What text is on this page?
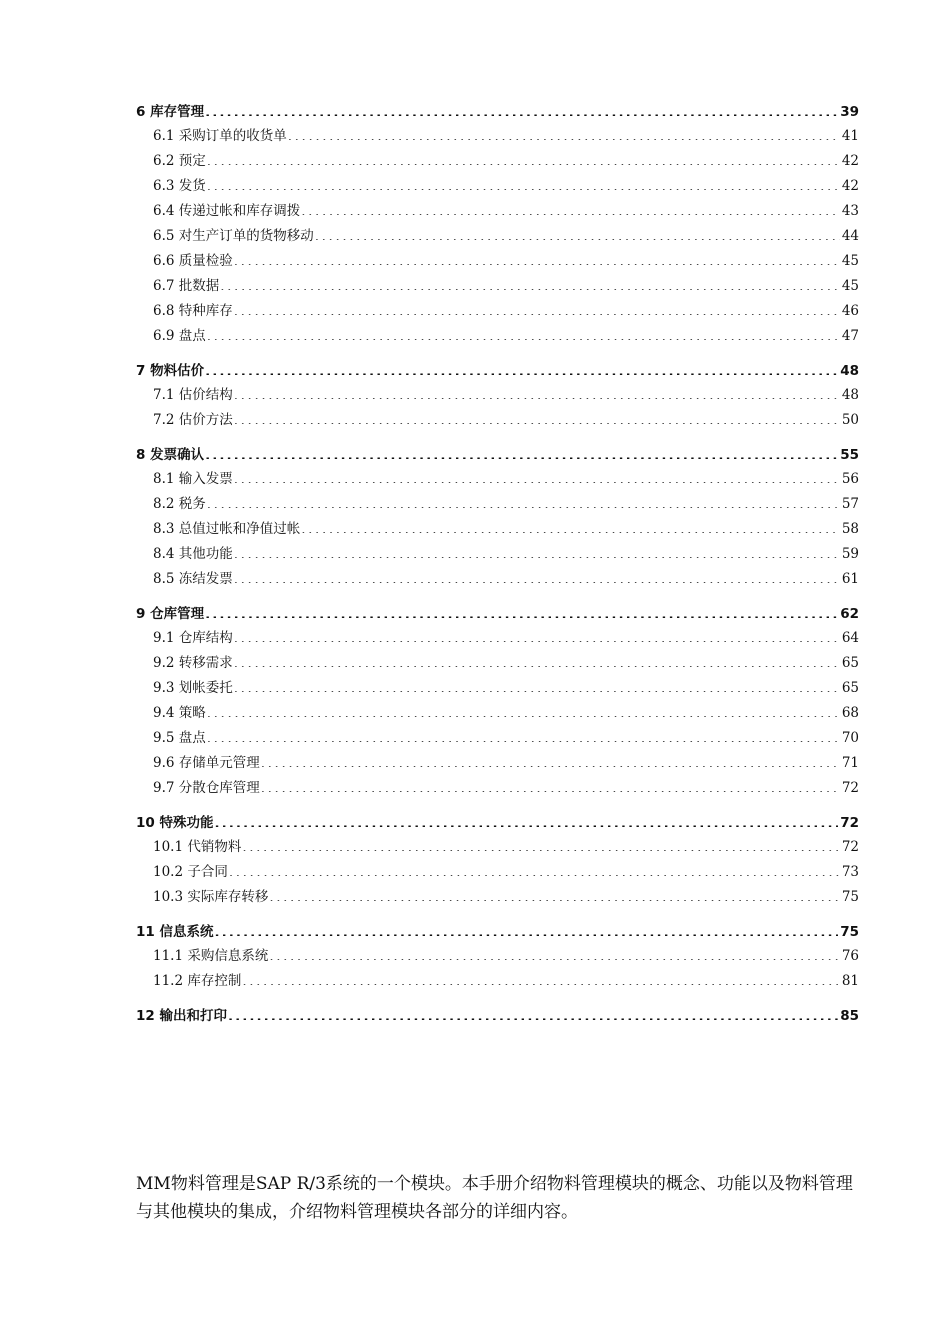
6 库存管理 .....	39
6.1 采购订单的收货单 .....	41
6.2 预定 .....	42
6.3 发货 .....	42
6.4 传递过帐和库存调拨 .....	43
6.5 对生产订单的货物移动 .....	44
6.6 质量检验 .....	45
6.7 批数据 .....	45
6.8 特种库存 .....	46
6.9 盘点 .....	47
7 物料估价 .....	48
7.1 估价结构 .....	48
7.2 估价方法 .....	50
8 发票确认 .....	55
8.1 输入发票 .....	56
8.2 税务 .....	57
8.3 总值过帐和净值过帐 .....	58
8.4 其他功能 .....	59
8.5 冻结发票 .....	61
9 仓库管理 .....	62
9.1 仓库结构 .....	64
9.2 转移需求 .....	65
9.3 划帐委托 .....	65
9.4 策略 .....	68
9.5 盘点 .....	70
9.6 存储单元管理 .....	71
9.7 分散仓库管理 .....	72
10 特殊功能 .....	72
10.1 代销物料 .....	72
10.2 子合同 .....	73
10.3 实际库存转移 .....	75
11 信息系统 .....	75
11.1 采购信息系统 .....	76
11.2 库存控制 .....	81
12 输出和打印 .....	85

MM物料管理是SAP R/3系统的一个模块。本手册介绍物料管理模块的概念、功能以及物料管理与其他模块的集成，介绍物料管理模块各部分的详细内容。
